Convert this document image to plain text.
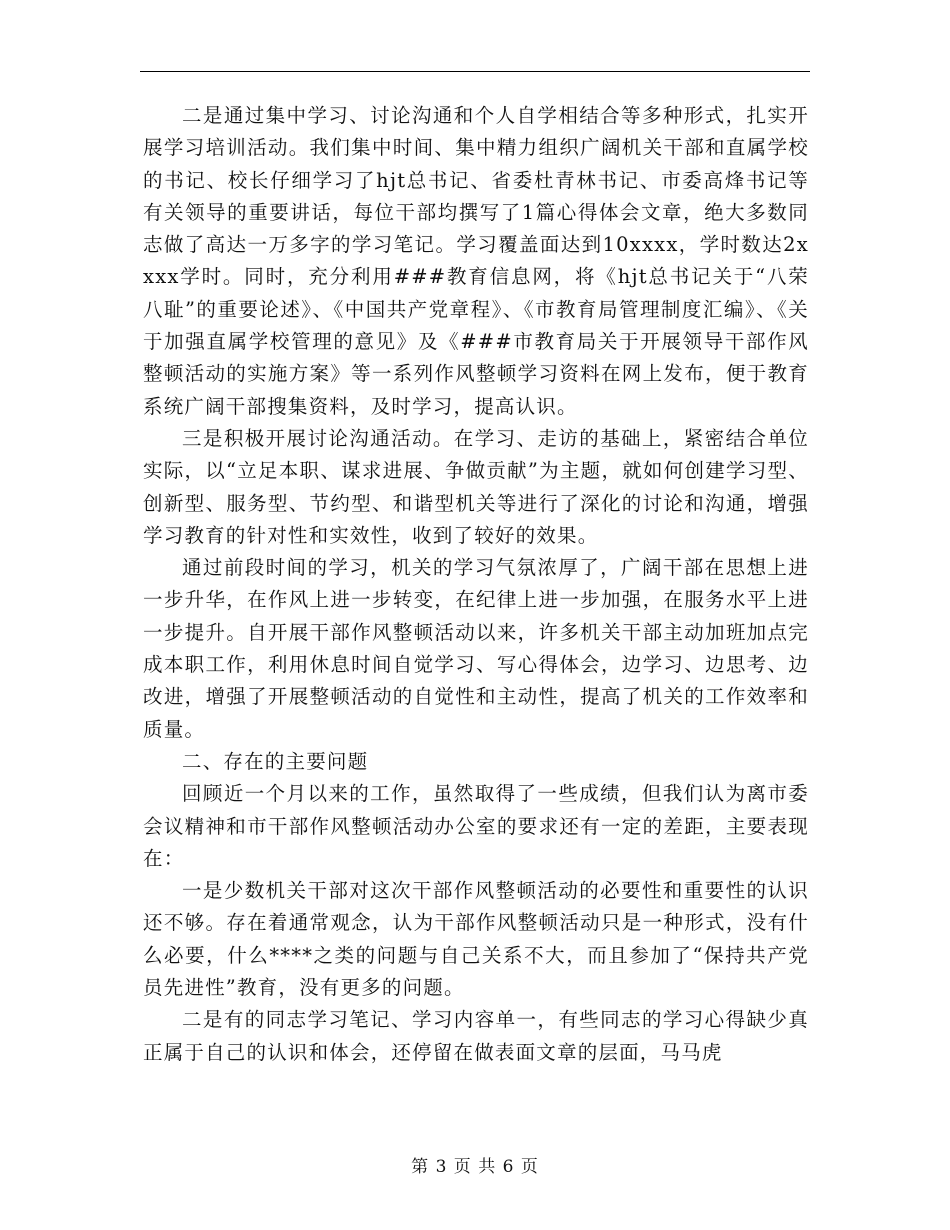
二是通过集中学习、讨论沟通和个人自学相结合等多种形式，扎实开展学习培训活动。我们集中时间、集中精力组织广阔机关干部和直属学校的书记、校长仔细学习了hjt总书记、省委杜青林书记、市委高烽书记等有关领导的重要讲话，每位干部均撰写了1篇心得体会文章，绝大多数同志做了高达一万多字的学习笔记。学习覆盖面达到10xxxx，学时数达2xxxx学时。同时，充分利用###教育信息网，将《hjt总书记关于“八荣八耻”的重要论述》、《中国共产党章程》、《市教育局管理制度汇编》、《关于加强直属学校管理的意见》及《###市教育局关于开展领导干部作风整顿活动的实施方案》等一系列作风整顿学习资料在网上发布，便于教育系统广阔干部搜集资料，及时学习，提高认识。

三是积极开展讨论沟通活动。在学习、走访的基础上，紧密结合单位实际，以“立足本职、谋求进展、争做贡献”为主题，就如何创建学习型、创新型、服务型、节约型、和谐型机关等进行了深化的讨论和沟通，增强学习教育的针对性和实效性，收到了较好的效果。

通过前段时间的学习，机关的学习气氛浓厚了，广阔干部在思想上进一步升华，在作风上进一步转变，在纪律上进一步加强，在服务水平上进一步提升。自开展干部作风整顿活动以来，许多机关干部主动加班加点完成本职工作，利用休息时间自觉学习、写心得体会，边学习、边思考、边改进，增强了开展整顿活动的自觉性和主动性，提高了机关的工作效率和质量。

二、存在的主要问题

回顾近一个月以来的工作，虽然取得了一些成绩，但我们认为离市委会议精神和市干部作风整顿活动办公室的要求还有一定的差距，主要表现在：

一是少数机关干部对这次干部作风整顿活动的必要性和重要性的认识还不够。存在着通常观念，认为干部作风整顿活动只是一种形式，没有什么必要，什么****之类的问题与自己关系不大，而且参加了“保持共产党员先进性”教育，没有更多的问题。

二是有的同志学习笔记、学习内容单一，有些同志的学习心得缺少真正属于自己的认识和体会，还停留在做表面文章的层面，马马虎

第 3 页 共 6 页
